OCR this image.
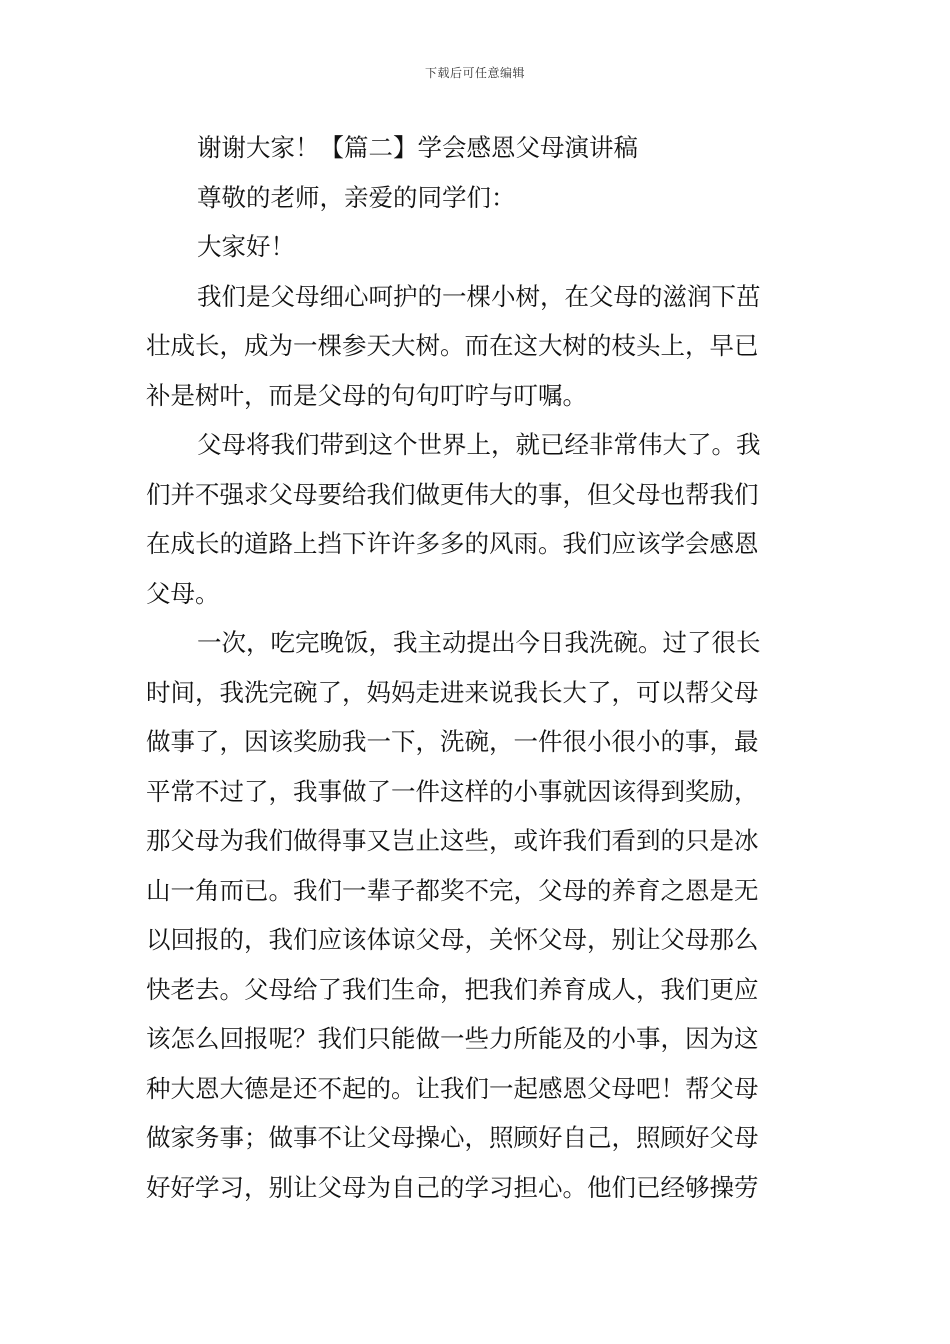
下载后可任意编辑
谢谢大家！【篇二】学会感恩父母演讲稿
尊敬的老师，亲爱的同学们：
大家好！
我们是父母细心呵护的一棵小树，在父母的滋润下茁
壮成长，成为一棵参天大树。而在这大树的枝头上，早已
补是树叶，而是父母的句句叮咛与叮嘱。
父母将我们带到这个世界上，就已经非常伟大了。我
们并不强求父母要给我们做更伟大的事，但父母也帮我们
在成长的道路上挡下许许多多的风雨。我们应该学会感恩
父母。
一次，吃完晚饭，我主动提出今日我洗碗。过了很长
时间，我洗完碗了，妈妈走进来说我长大了，可以帮父母
做事了，因该奖励我一下，洗碗，一件很小很小的事，最
平常不过了，我事做了一件这样的小事就因该得到奖励，
那父母为我们做得事又岂止这些，或许我们看到的只是冰
山一角而已。我们一辈子都奖不完，父母的养育之恩是无
以回报的，我们应该体谅父母，关怀父母，别让父母那么
快老去。父母给了我们生命，把我们养育成人，我们更应
该怎么回报呢？我们只能做一些力所能及的小事，因为这
种大恩大德是还不起的。让我们一起感恩父母吧！帮父母
做家务事；做事不让父母操心，照顾好自己，照顾好父母
好好学习，别让父母为自己的学习担心。他们已经够操劳
